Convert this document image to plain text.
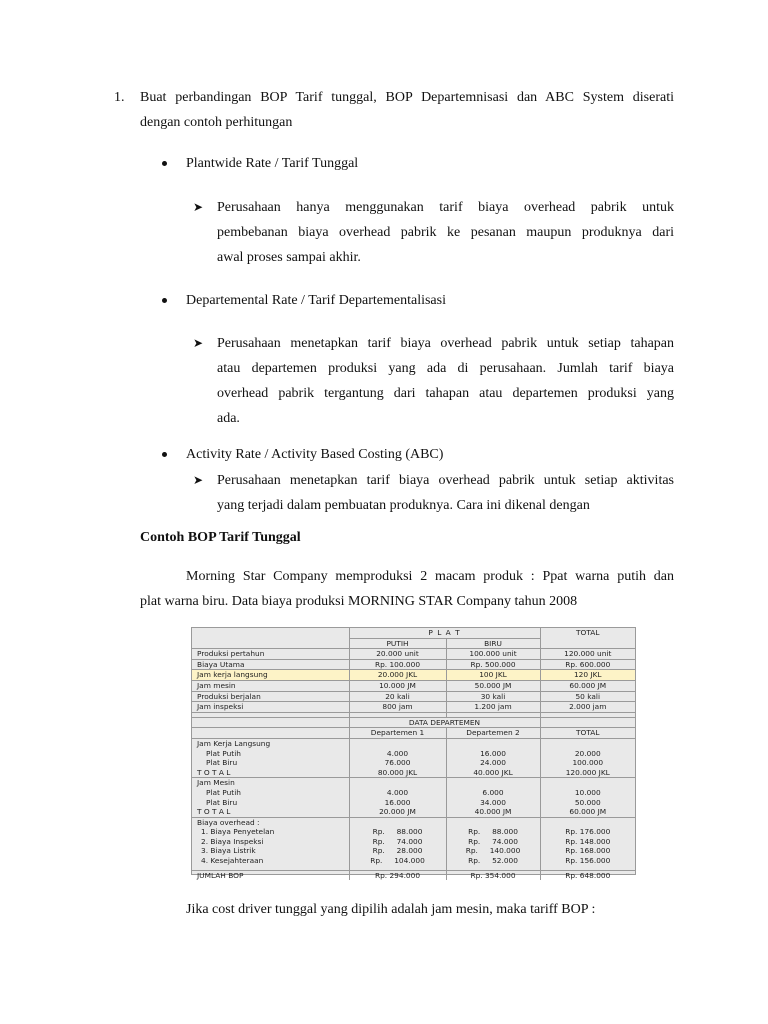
1. Buat perbandingan BOP Tarif tunggal, BOP Departemnisasi dan ABC System diserati
dengan contoh perhitungan
Plantwide Rate / Tarif Tunggal
➤ Perusahaan hanya menggunakan tarif biaya overhead pabrik untuk
pembebanan biaya overhead pabrik ke pesanan maupun produknya dari
awal proses sampai akhir.
Departemental Rate / Tarif Departementalisasi
➤ Perusahaan menetapkan tarif biaya overhead pabrik untuk setiap tahapan
atau departemen produksi yang ada di perusahaan. Jumlah tarif biaya
overhead pabrik tergantung dari tahapan atau departemen produksi yang
ada.
Activity Rate / Activity Based Costing (ABC)
➤ Perusahaan menetapkan tarif biaya overhead pabrik untuk setiap aktivitas
yang terjadi dalam pembuatan produknya. Cara ini dikenal dengan
Contoh BOP Tarif Tunggal
Morning Star Company memproduksi 2 macam produk : Ppat warna putih dan
plat warna biru. Data biaya produksi MORNING STAR Company tahun 2008
	P L A T		TOTAL
	PUTIH	BIRU	
Produksi pertahun	20.000 unit	100.000 unit	120.000 unit
Biaya Utama	Rp. 100.000	Rp. 500.000	Rp. 600.000
Jam kerja langsung	20.000 JKL	100 JKL	120 JKL
Jam mesin	10.000 JM	50.000 JM	60.000 JM
Produksi berjalan	20 kali	30 kali	50 kali
Jam inspeksi	800 jam	1.200 jam	2.000 jam

	DATA DEPARTEMEN		
	Departemen 1	Departemen 2	TOTAL
Jam Kerja Langsung			
Plat Putih	4.000	16.000	20.000
Plat Biru	76.000	24.000	100.000
T O T A L	80.000 JKL	40.000 JKL	120.000 JKL
Jam Mesin			
Plat Putih	4.000	6.000	10.000
Plat Biru	16.000	34.000	50.000
T O T A L	20.000 JM	40.000 JM	60.000 JM
Biaya overhead :			
1. Biaya Penyetelan	Rp. 88.000	Rp. 88.000	Rp. 176.000
2. Biaya Inspeksi	Rp. 74.000	Rp. 74.000	Rp. 148.000
3. Biaya Listrik	Rp. 28.000	Rp. 140.000	Rp. 168.000
4. Kesejahteraan	Rp. 104.000	Rp. 52.000	Rp. 156.000

JUMLAH BOP	Rp. 294.000	Rp. 354.000	Rp. 648.000
Jika cost driver tunggal yang dipilih adalah jam mesin, maka tariff BOP :
